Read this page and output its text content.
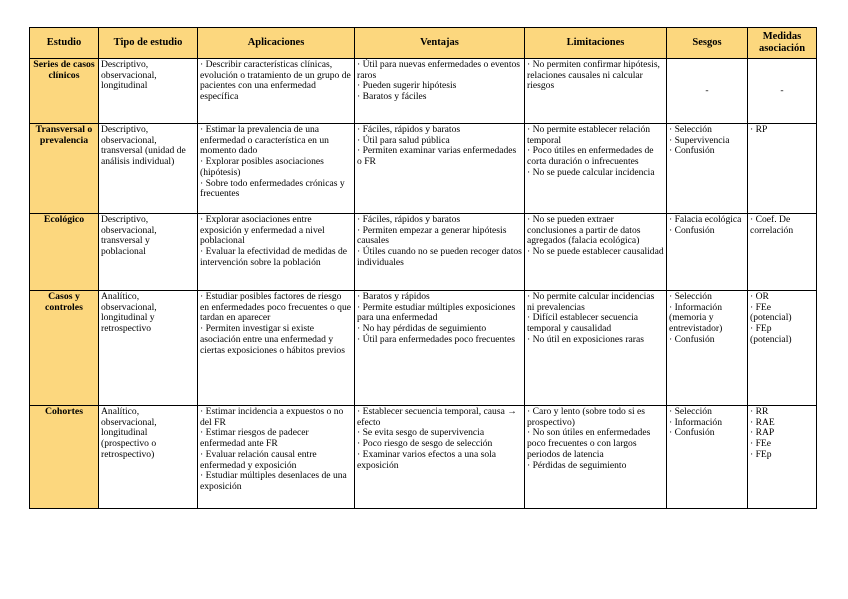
Estudio	Tipo de estudio	Aplicaciones	Ventajas	Limitaciones	Sesgos	Medidas asociación
Series de casos clínicos	Descriptivo, observacional, longitudinal	· Describir características clínicas, evolución o tratamiento de un grupo de pacientes con una enfermedad específica	· Útil para nuevas enfermedades o eventos raros
· Pueden sugerir hipótesis
· Baratos y fáciles	· No permiten confirmar hipótesis, relaciones causales ni calcular riesgos	-	-

Transversal o prevalencia	Descriptivo, observacional, transversal (unidad de análisis individual)	· Estimar la prevalencia de una enfermedad o característica en un momento dado
· Explorar posibles asociaciones (hipótesis)
· Sobre todo enfermedades crónicas y frecuentes	· Fáciles, rápidos y baratos
· Útil para salud pública
· Permiten examinar varias enfermedades o FR	· No permite establecer relación temporal
· Poco útiles en enfermedades de corta duración o infrecuentes
· No se puede calcular incidencia	· Selección
· Supervivencia
· Confusión	· RP

Ecológico	Descriptivo, observacional, transversal y poblacional	· Explorar asociaciones entre exposición y enfermedad a nivel poblacional
· Evaluar la efectividad de medidas de intervención sobre la población	· Fáciles, rápidos y baratos
· Permiten empezar a generar hipótesis causales
· Útiles cuando no se pueden recoger datos individuales	· No se pueden extraer conclusiones a partir de datos agregados (falacia ecológica)
· No se puede establecer causalidad	· Falacia ecológica
· Confusión	· Coef. De correlación

Casos y controles	Analítico, observacional, longitudinal y retrospectivo	· Estudiar posibles factores de riesgo en enfermedades poco frecuentes o que tardan en aparecer
· Permiten investigar si existe asociación entre una enfermedad y ciertas exposiciones o hábitos previos	· Baratos y rápidos
· Permite estudiar múltiples exposiciones para una enfermedad
· No hay pérdidas de seguimiento
· Útil para enfermedades poco frecuentes	· No permite calcular incidencias ni prevalencias
· Difícil establecer secuencia temporal y causalidad
· No útil en exposiciones raras	· Selección
· Información (memoria y entrevistador)
· Confusión	· OR
· FEe (potencial)
· FEp (potencial)

Cohortes	Analítico, observacional, longitudinal (prospectivo o retrospectivo)	· Estimar incidencia a expuestos o no del FR
· Estimar riesgos de padecer enfermedad ante FR
· Evaluar relación causal entre enfermedad y exposición
· Estudiar múltiples desenlaces de una exposición	· Establecer secuencia temporal, causa → efecto
· Se evita sesgo de supervivencia
· Poco riesgo de sesgo de selección
· Examinar varios efectos a una sola exposición	· Caro y lento (sobre todo si es prospectivo)
· No son útiles en enfermedades poco frecuentes o con largos periodos de latencia
· Pérdidas de seguimiento	· Selección
· Información
· Confusión	· RR
· RAE
· RAP
· FEe
· FEp
